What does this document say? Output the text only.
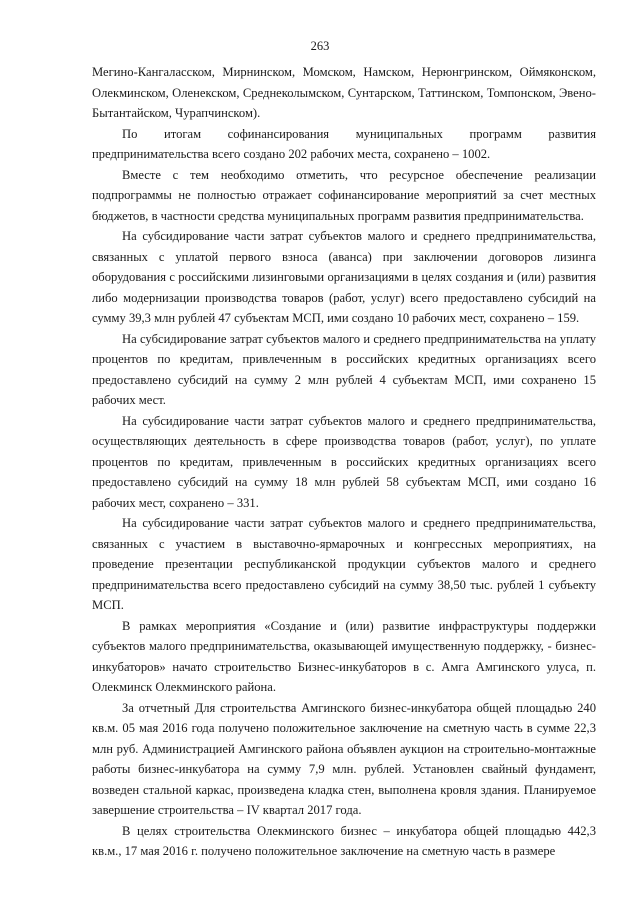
263

Мегино-Кангаласском, Мирнинском, Момском, Намском, Нерюнгринском, Оймяконском, Олекминском, Оленекском, Среднеколымском, Сунтарском, Таттинском, Томпонском, Эвено-Бытантайском, Чурапчинском).

По итогам софинансирования муниципальных программ развития предпринимательства всего создано 202 рабочих места, сохранено – 1002.

Вместе с тем необходимо отметить, что ресурсное обеспечение реализации подпрограммы не полностью отражает софинансирование мероприятий за счет местных бюджетов, в частности средства муниципальных программ развития предпринимательства.

На субсидирование части затрат субъектов малого и среднего предпринимательства, связанных с уплатой первого взноса (аванса) при заключении договоров лизинга оборудования с российскими лизинговыми организациями в целях создания и (или) развития либо модернизации производства товаров (работ, услуг) всего предоставлено субсидий на сумму 39,3 млн рублей 47 субъектам МСП, ими создано 10 рабочих мест, сохранено – 159.

На субсидирование затрат субъектов малого и среднего предпринимательства на уплату процентов по кредитам, привлеченным в российских кредитных организациях всего предоставлено субсидий на сумму 2 млн рублей 4 субъектам МСП, ими сохранено 15 рабочих мест.

На субсидирование части затрат субъектов малого и среднего предпринимательства, осуществляющих деятельность в сфере производства товаров (работ, услуг), по уплате процентов по кредитам, привлеченным в российских кредитных организациях всего предоставлено субсидий на сумму 18 млн рублей 58 субъектам МСП, ими создано 16 рабочих мест, сохранено – 331.

На субсидирование части затрат субъектов малого и среднего предпринимательства, связанных с участием в выставочно-ярмарочных и конгрессных мероприятиях, на проведение презентации республиканской продукции субъектов малого и среднего предпринимательства всего предоставлено субсидий на сумму 38,50 тыс. рублей 1 субъекту МСП.

В рамках мероприятия «Создание и (или) развитие инфраструктуры поддержки субъектов малого предпринимательства, оказывающей имущественную поддержку, - бизнес-инкубаторов» начато строительство Бизнес-инкубаторов в с. Амга Амгинского улуса, п. Олекминск Олекминского района.

За отчетный Для строительства Амгинского бизнес-инкубатора общей площадью 240 кв.м. 05 мая 2016 года получено положительное заключение на сметную часть в сумме 22,3 млн руб. Администрацией Амгинского района объявлен аукцион на строительно-монтажные работы бизнес-инкубатора на сумму 7,9 млн. рублей. Установлен свайный фундамент, возведен стальной каркас, произведена кладка стен, выполнена кровля здания. Планируемое завершение строительства – IV квартал 2017 года.

В целях строительства Олекминского бизнес – инкубатора общей площадью 442,3 кв.м., 17 мая 2016 г. получено положительное заключение на сметную часть в размере
